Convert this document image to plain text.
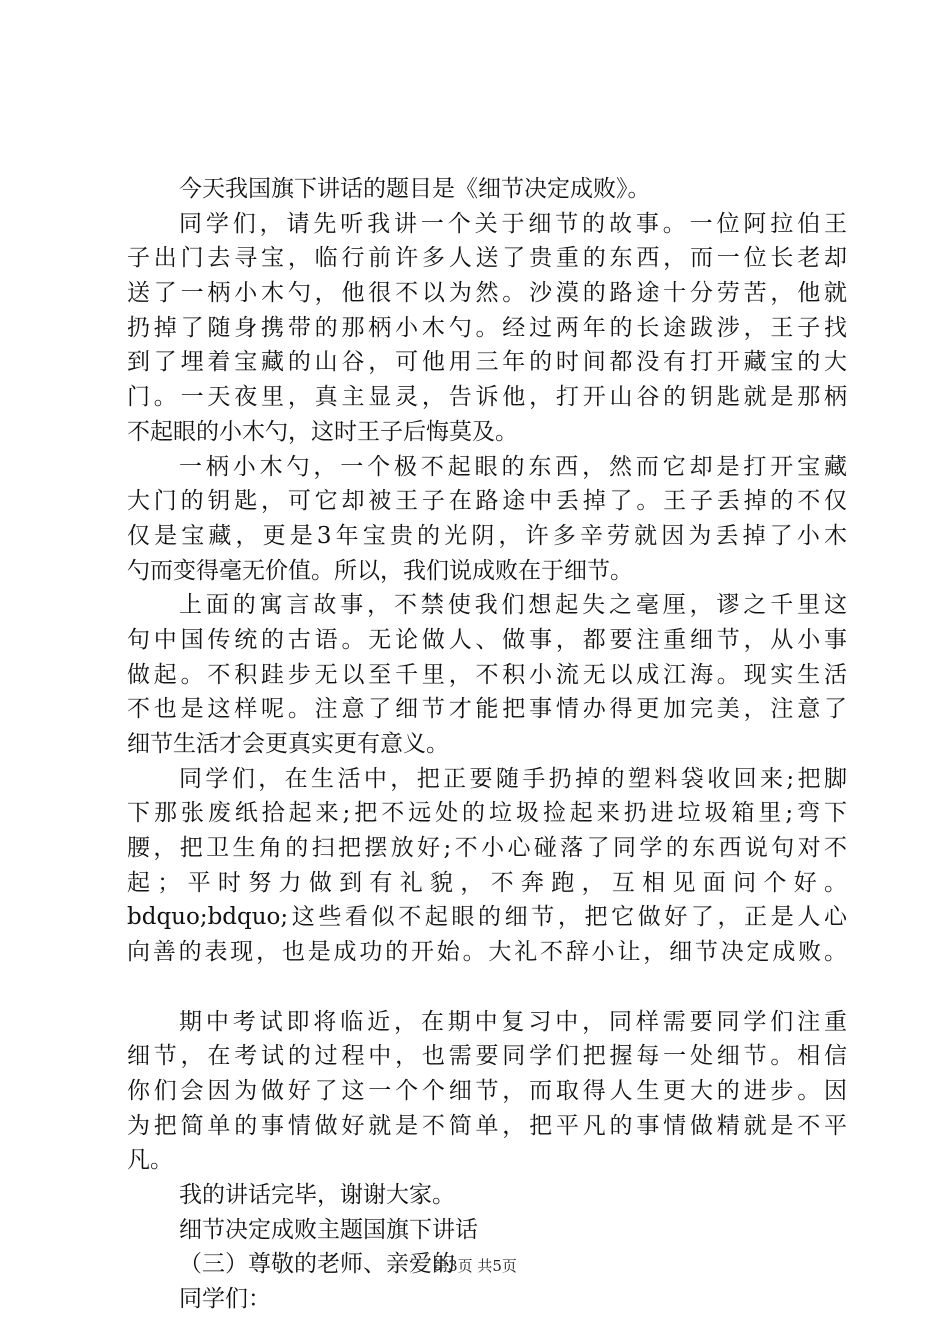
今天我国旗下讲话的题目是《细节决定成败》。
同学们，请先听我讲一个关于细节的故事。一位阿拉伯王
子出门去寻宝，临行前许多人送了贵重的东西，而一位长老却
送了一柄小木勺，他很不以为然。沙漠的路途十分劳苦，他就
扔掉了随身携带的那柄小木勺。经过两年的长途跋涉，王子找
到了埋着宝藏的山谷，可他用三年的时间都没有打开藏宝的大
门。一天夜里，真主显灵，告诉他，打开山谷的钥匙就是那柄
不起眼的小木勺，这时王子后悔莫及。
一柄小木勺，一个极不起眼的东西，然而它却是打开宝藏
大门的钥匙，可它却被王子在路途中丢掉了。王子丢掉的不仅
仅是宝藏，更是3年宝贵的光阴，许多辛劳就因为丢掉了小木
勺而变得毫无价值。所以，我们说成败在于细节。
上面的寓言故事，不禁使我们想起失之毫厘，谬之千里这
句中国传统的古语。无论做人、做事，都要注重细节，从小事
做起。不积跬步无以至千里，不积小流无以成江海。现实生活
不也是这样呢。注意了细节才能把事情办得更加完美，注意了
细节生活才会更真实更有意义。
同学们，在生活中，把正要随手扔掉的塑料袋收回来;把脚
下那张废纸拾起来;把不远处的垃圾捡起来扔进垃圾箱里;弯下
腰，把卫生角的扫把摆放好;不小心碰落了同学的东西说句对不
起；平时努力做到有礼貌，不奔跑，互相见面问个好。
bdquo;bdquo;这些看似不起眼的细节，把它做好了，正是人心
向善的表现，也是成功的开始。大礼不辞小让，细节决定成败。
期中考试即将临近，在期中复习中，同样需要同学们注重
细节，在考试的过程中，也需要同学们把握每一处细节。相信
你们会因为做好了这一个个细节，而取得人生更大的进步。因
为把简单的事情做好就是不简单，把平凡的事情做精就是不平
凡。
我的讲话完毕，谢谢大家。
细节决定成败主题国旗下讲话
（三）尊敬的老师、亲爱的
同学们：
第3页 共5页
